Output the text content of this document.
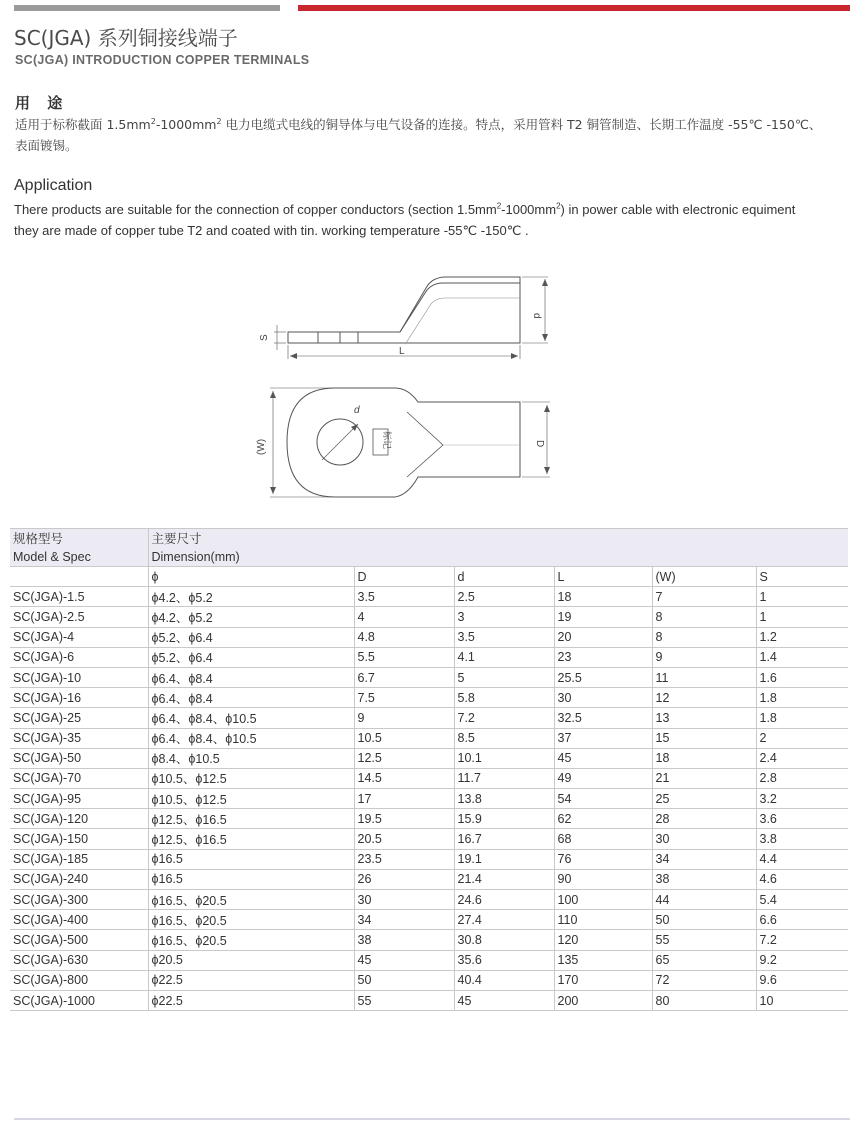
SC(JGA) 系列铜接线端子
SC(JGA) INTRODUCTION COPPER TERMINALS
用 途
适用于标称截面 $1.5mm^2-1000mm^2$ 电力电缆式电线的铜导体与电气设备的连接。特点，采用管料 T2 铜管制造、长期工作温度 -55℃ -150℃、
表面镀锡。
Application
There products are suitable for the connection of copper conductors (section $1.5mm^2-1000mm^2$) in power cable with electronic equiment
they are made of copper tube T2 and coated with tin. working temperature -55℃ -150℃ .
d
S
L
(W)
d
D
标记
规格型号	主要尺寸					
Model & Spec	Dimension(mm)					
	ϕ	D	d	L	(W)	S
SC(JGA)-1.5	ϕ4.2、ϕ5.2	3.5	2.5	18	7	1
SC(JGA)-2.5	ϕ4.2、ϕ5.2	4	3	19	8	1
SC(JGA)-4	ϕ5.2、ϕ6.4	4.8	3.5	20	8	1.2
SC(JGA)-6	ϕ5.2、ϕ6.4	5.5	4.1	23	9	1.4
SC(JGA)-10	ϕ6.4、ϕ8.4	6.7	5	25.5	11	1.6
SC(JGA)-16	ϕ6.4、ϕ8.4	7.5	5.8	30	12	1.8
SC(JGA)-25	ϕ6.4、ϕ8.4、ϕ10.5	9	7.2	32.5	13	1.8
SC(JGA)-35	ϕ6.4、ϕ8.4、ϕ10.5	10.5	8.5	37	15	2
SC(JGA)-50	ϕ8.4、ϕ10.5	12.5	10.1	45	18	2.4
SC(JGA)-70	ϕ10.5、ϕ12.5	14.5	11.7	49	21	2.8
SC(JGA)-95	ϕ10.5、ϕ12.5	17	13.8	54	25	3.2
SC(JGA)-120	ϕ12.5、ϕ16.5	19.5	15.9	62	28	3.6
SC(JGA)-150	ϕ12.5、ϕ16.5	20.5	16.7	68	30	3.8
SC(JGA)-185	ϕ16.5	23.5	19.1	76	34	4.4
SC(JGA)-240	ϕ16.5	26	21.4	90	38	4.6
SC(JGA)-300	ϕ16.5、ϕ20.5	30	24.6	100	44	5.4
SC(JGA)-400	ϕ16.5、ϕ20.5	34	27.4	110	50	6.6
SC(JGA)-500	ϕ16.5、ϕ20.5	38	30.8	120	55	7.2
SC(JGA)-630	ϕ20.5	45	35.6	135	65	9.2
SC(JGA)-800	ϕ22.5	50	40.4	170	72	9.6
SC(JGA)-1000	ϕ22.5	55	45	200	80	10
